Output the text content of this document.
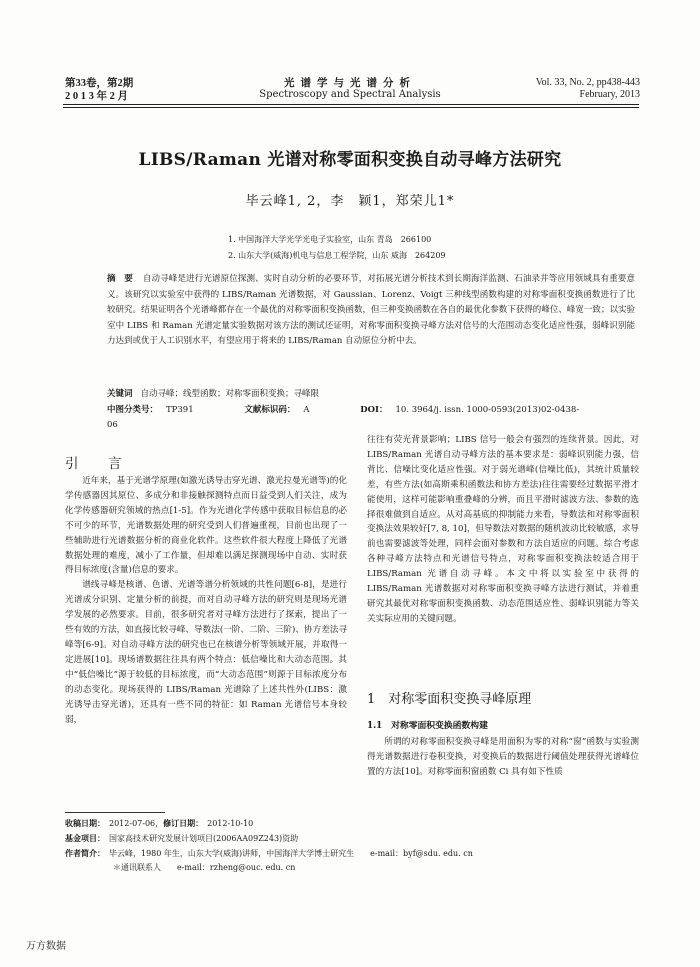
第33卷，第2期
2 0 1 3 年 2 月
光谱学与光谱分析
Spectroscopy and Spectral Analysis
Vol. 33, No. 2, pp438-443
February, 2013
LIBS/Raman 光谱对称零面积变换自动寻峰方法研究
毕云峰1, 2，李　颖1，郑荣儿1*
1. 中国海洋大学光学光电子实验室，山东 青岛　266100
2. 山东大学(威海)机电与信息工程学院，山东 威海　264209
摘　要 自动寻峰是进行光谱原位探测、实时自动分析的必要环节，对拓展光谱分析技术到长期海洋监测、石油录井等应用领域具有重要意义。该研究以实验室中获得的 LIBS/Raman 光谱数据，对 Gaussian、Lorenz、Voigt 三种线型函数构建的对称零面积变换函数进行了比较研究。结果证明各个光谱峰都存在一个最优的对称零面积变换函数，但三种变换函数在各自的最优化参数下获得的峰位、峰宽一致；以实验室中 LIBS 和 Raman 光谱定量实验数据对该方法的测试还证明，对称零面积变换寻峰方法对信号的大范围动态变化适应性强，弱峰识别能力达到或优于人工识别水平，有望应用于将来的 LIBS/Raman 自动原位分析中去。
关键词 自动寻峰；线型函数；对称零面积变换；寻峰限
中图分类号： TP391	文献标识码： A	DOI： 10. 3964/j. issn. 1000-0593(2013)02-0438-06
引　言

近年来，基于光谱学原理(如激光诱导击穿光谱、激光拉曼光谱等)的化学传感器因其原位、多成分和非接触探测特点而日益受到人们关注，成为化学传感器研究领域的热点[1-5]。作为光谱化学传感中获取目标信息的必不可少的环节，光谱数据处理的研究受到人们普遍重视，目前也出现了一些辅助进行光谱数据分析的商业化软件。这些软件很大程度上降低了光谱数据处理的难度，减小了工作量，但却难以满足探测现场中自动、实时获得目标浓度(含量)信息的要求。

谱线寻峰是核谱、色谱、光谱等谱分析领域的共性问题[6-8]，是进行光谱成分识别、定量分析的前提，而对自动寻峰方法的研究则是现场光谱学发展的必然要求。目前，很多研究者对寻峰方法进行了探索，提出了一些有效的方法，如直接比较寻峰、导数法(一阶、二阶、三阶)、协方差法寻峰等[6-9]。对自动寻峰方法的研究也已在核谱分析等领域开展，并取得一定进展[10]。现场谱数据往往具有两个特点：低信噪比和大动态范围。其中“低信噪比”源于较低的目标浓度，而“大动态范围”则源于目标浓度分布的动态变化。现场获得的 LIBS/Raman 光谱除了上述共性外(LIBS：激光诱导击穿光谱)，还具有一些不同的特征：如 Raman 光谱信号本身较弱，

往往有荧光背景影响；LIBS 信号一般会有强烈的连续背景。因此，对 LIBS/Raman 光谱自动寻峰方法的基本要求是：弱峰识别能力强，信背比、信噪比变化适应性强。对于弱光谱峰(信噪比低)，其统计质量较差，有些方法(如高斯乘积函数法和协方差法)往往需要经过数据平滑才能使用，这样可能影响重叠峰的分辨，而且平滑时滤波方法、参数的选择很难做到自适应。从对高基底的抑制能力来看，导数法和对称零面积变换法效果较好[7, 8, 10]，但导数法对数据的随机波动比较敏感，求导前也需要滤波等处理，同样会面对参数和方法自适应的问题。综合考虑各种寻峰方法特点和光谱信号特点，对称零面积变换法较适合用于 LIBS/Raman 光谱自动寻峰。本文中将以实验室中获得的 LIBS/Raman 光谱数据对对称零面积变换寻峰方法进行测试，并着重研究其最优对称零面积变换函数、动态范围适应性、弱峰识别能力等关关实际应用的关键问题。

1　对称零面积变换寻峰原理
1.1　对称零面积变换函数构建

所谓的对称零面积变换寻峰是用面积为零的对称“窗”函数与实验测得光谱数据进行卷积变换，对变换后的数据进行阈值处理获得光谱峰位置的方法[10]。对称零面积窗函数 Ci 具有如下性质

收稿日期： 2012-07-06，修订日期： 2012-10-10
基金项目： 国家高技术研究发展计划项目(2006AA09Z243)资助
作者简介： 毕云峰，1980 年生，山东大学(威海)讲师，中国海洋大学博士研究生　　e-mail：byf@sdu. edu. cn
＊通讯联系人　　e-mail：rzheng@ouc. edu. cn
万方数据
